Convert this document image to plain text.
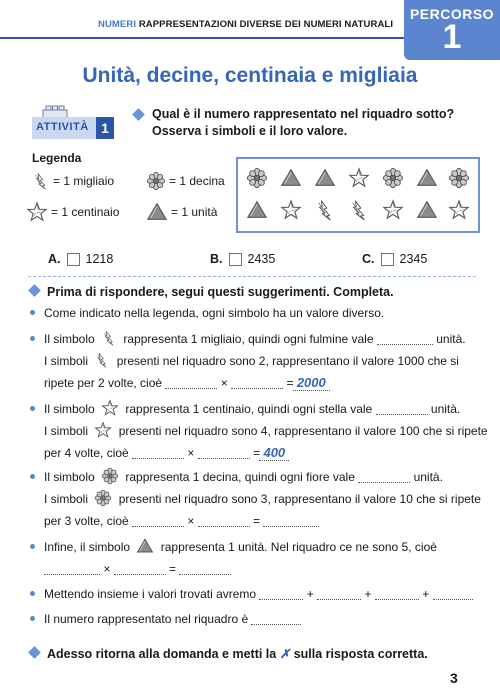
NUMERI RAPPRESENTAZIONI DIVERSE DEI NUMERI NATURALI
PERCORSO
1
Unità, decine, centinaia e migliaia
ATTIVITÀ 1
Qual è il numero rappresentato nel riquadro sotto?
Osserva i simboli e il loro valore.
Legenda
= 1 migliaio
= 1 centinaio
= 1 decina
= 1 unità
A. 1218	B. 2435	C. 2345
Prima di rispondere, segui questi suggerimenti. Completa.
Come indicato nella legenda, ogni simbolo ha un valore diverso.
Il simbolo rappresenta 1 migliaio, quindi ogni fulmine vale	unità.
I simboli presenti nel riquadro sono 2, rappresentano il valore 1000 che si
ripete per 2 volte, cioè	×	= 2000
Il simbolo	rappresenta 1 centinaio, quindi ogni stella vale	unità.
I simboli	presenti nel riquadro sono 4, rappresentano il valore 100 che si ripete
per 4 volte, cioè	×	= 400
Il simbolo	rappresenta 1 decina, quindi ogni fiore vale	unità.
I simboli	presenti nel riquadro sono 3, rappresentano il valore 10 che si ripete
per 3 volte, cioè	×	=
Infine, il simbolo	rappresenta 1 unità. Nel riquadro ce ne sono 5, cioè
×	=
Mettendo insieme i valori trovati avremo	+	+	+
Il numero rappresentato nel riquadro è
Adesso ritorna alla domanda e metti la ✗ sulla risposta corretta.
3
